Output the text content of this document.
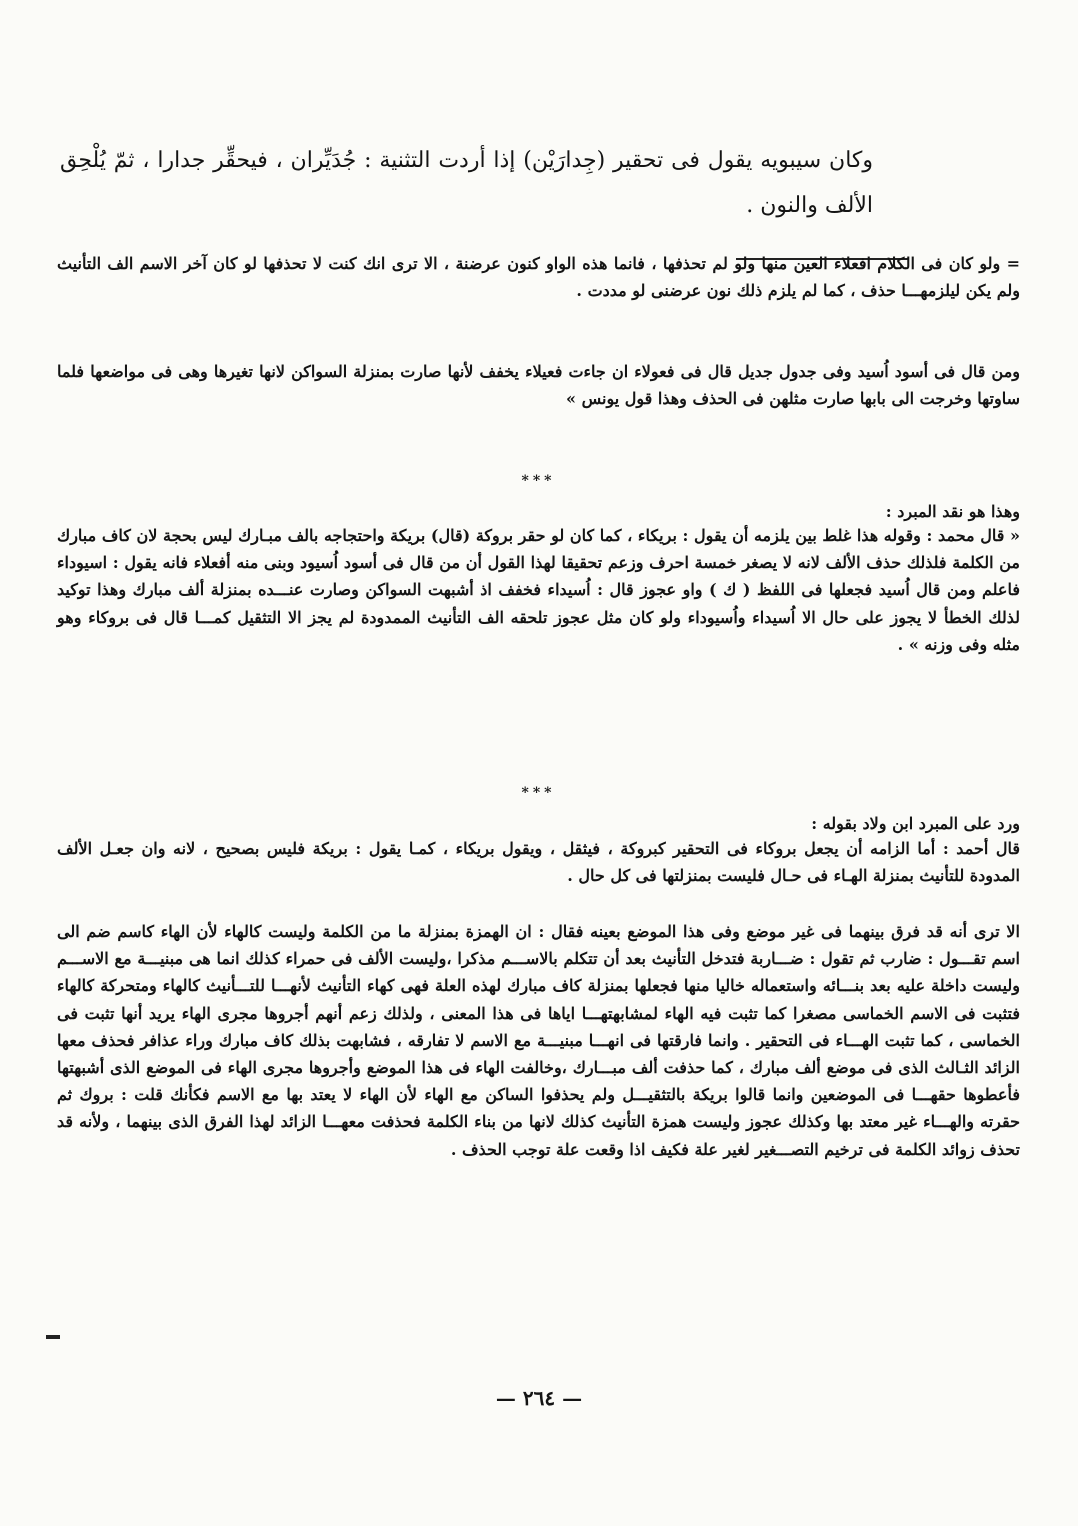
وكان سيبويه يقول فى تحقير (جِدارَيْن) إذا أردت التثنية : جُدَيِّران ، فيحقِّر جدارا ، ثمّ يُلْحِق الألف والنون .

= ولو كان فى الكلام افعلاء العين منها ولو لم تحذفها ، فانما هذه الواو كنون عرضنة ، الا ترى انك كنت لا تحذفها لو كان آخر الاسم الف التأنيث ولم يكن ليلزمهـــا حذف ، كما لم يلزم ذلك نون عرضنى لو مددت .

ومن قال فى أسود اُسيد وفى جدول جديل قال فى فعولاء ان جاءت فعيلاء يخفف لأنها صارت بمنزلة السواكن لانها تغيرها وهى فى مواضعها فلما ساوتها وخرجت الى بابها صارت مثلهن فى الحذف وهذا قول يونس »

***

وهذا هو نقد المبرد :

« قال محمد : وقوله هذا غلط بين يلزمه أن يقول : بريكاء ، كما كان لو حقر بروكة (قال) بريكة واحتجاجه بالف مبـارك ليس بحجة لان كاف مبارك من الكلمة فلذلك حذف الألف لانه لا يصغر خمسة احرف وزعم تحقيقا لهذا القول أن من قال فى أسود اُسيود وبنى منه أفعلاء فانه يقول : اسيوداء فاعلم ومن قال اُسيد فجعلها فى اللفظ ( ك ) واو عجوز قال : اُسيداء فخفف اذ أشبهت السواكن وصارت عنـــده بمنزلة ألف مبارك وهذا توكيد لذلك الخطأ لا يجوز على حال الا اُسيداء واُسيوداء ولو كان مثل عجوز تلحقه الف التأنيث الممدودة لم يجز الا التثقيل كمـــا قال فى بروكاء وهو مثله وفى وزنه » .

***

ورد على المبرد ابن ولاد بقوله :

قال أحمد : أما الزامه أن يجعل بروكاء فى التحقير كبروكة ، فيثقل ، ويقول بريكاء ، كمـا يقول : بريكة فليس بصحيح ، لانه وان جعـل الألف المدودة للتأنيث بمنزلة الهـاء فى حـال فليست بمنزلتها فى كل حال .

الا ترى أنه قد فرق بينهما فى غير موضع وفى هذا الموضع بعينه فقال : ان الهمزة بمنزلة ما من الكلمة وليست كالهاء لأن الهاء كاسم ضم الى اسم تقـــول : ضارب ثم تقول : ضـــاربة فتدخل التأنيث بعد أن تتكلم بالاســـم مذكرا ،وليست الألف فى حمراء كذلك انما هى مبنيـــة مع الاســـم وليست داخلة عليه بعد بنـــائه واستعماله خاليا منها فجعلها بمنزلة كاف مبارك لهذه العلة فهى كهاء التأنيث لأنهـــا للتـــأنيث كالهاء ومتحركة كالهاء فتثبت فى الاسم الخماسى مصغرا كما تثبت فيه الهاء لمشابهتهـــا اياها فى هذا المعنى ، ولذلك زعم أنهم أجروها مجرى الهاء يريد أنها تثبت فى الخماسى ، كما تثبت الهـــاء فى التحقير . وانما فارقتها فى انهـــا مبنيـــة مع الاسم لا تفارقه ، فشابهت بذلك كاف مبارك وراء عذافر فحذف معها الزائد الثـالث الذى فى موضع ألف مبارك ، كما حذفت ألف مبـــارك ،وخالفت الهاء فى هذا الموضع وأجروها مجرى الهاء فى الموضع الذى أشبهتها فأعطوها حقهـــا فى الموضعين وانما قالوا بريكة بالتثقيـــل ولم يحذفوا الساكن مع الهاء لأن الهاء لا يعتد بها مع الاسم فكأنك قلت : بروك ثم حقرته والهـــاء غير معتد بها وكذلك عجوز وليست همزة التأنيث كذلك لانها من بناء الكلمة فحذفت معهـــا الزائد لهذا الفرق الذى بينهما ، ولأنه قد تحذف زوائد الكلمة فى ترخيم التصـــغير لغير علة فكيف اذا وقعت علة توجب الحذف .

— ٢٦٤ —
